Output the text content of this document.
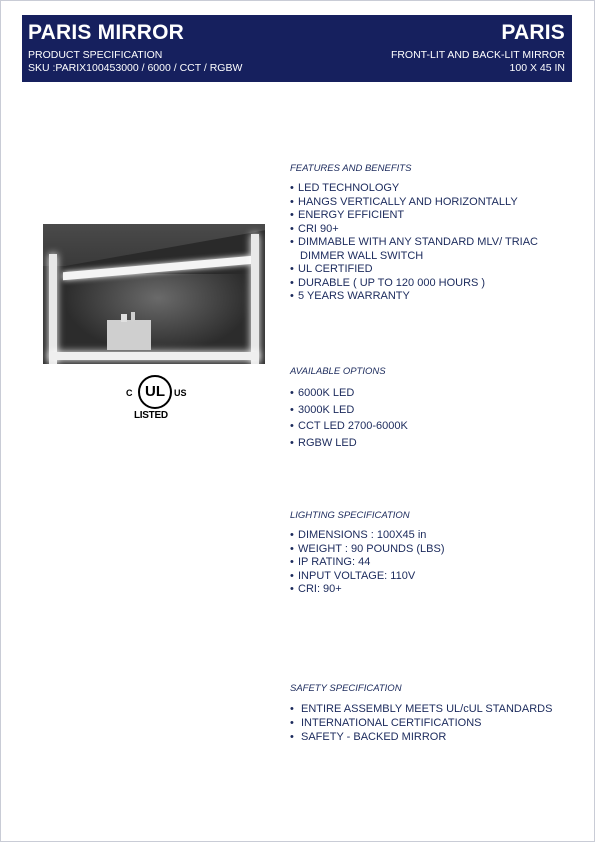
PARIS MIRROR
PRODUCT SPECIFICATION
SKU :PARIX100453000 / 6000 / CCT / RGBW
PARIS
FRONT-LIT AND BACK-LIT MIRROR
100 X 45 IN
C UL	US
LISTED
FEATURES AND BENEFITS
• LED TECHNOLOGY
• HANGS VERTICALLY AND HORIZONTALLY
• ENERGY EFFICIENT
• CRI 90+
• DIMMABLE WITH ANY STANDARD MLV/ TRIAC
DIMMER WALL SWITCH
• UL CERTIFIED
• DURABLE ( UP TO 120 000 HOURS )
• 5 YEARS WARRANTY
AVAILABLE OPTIONS
• 6000K LED
• 3000K LED
• CCT LED 2700-6000K
• RGBW LED
LIGHTING SPECIFICATION
• DIMENSIONS : 100X45 in
• WEIGHT : 90 POUNDS (LBS)
• IP RATING: 44
• INPUT VOLTAGE: 110V
• CRI: 90+
SAFETY SPECIFICATION
• ENTIRE ASSEMBLY MEETS UL/cUL STANDARDS
• INTERNATIONAL CERTIFICATIONS
• SAFETY - BACKED MIRROR
